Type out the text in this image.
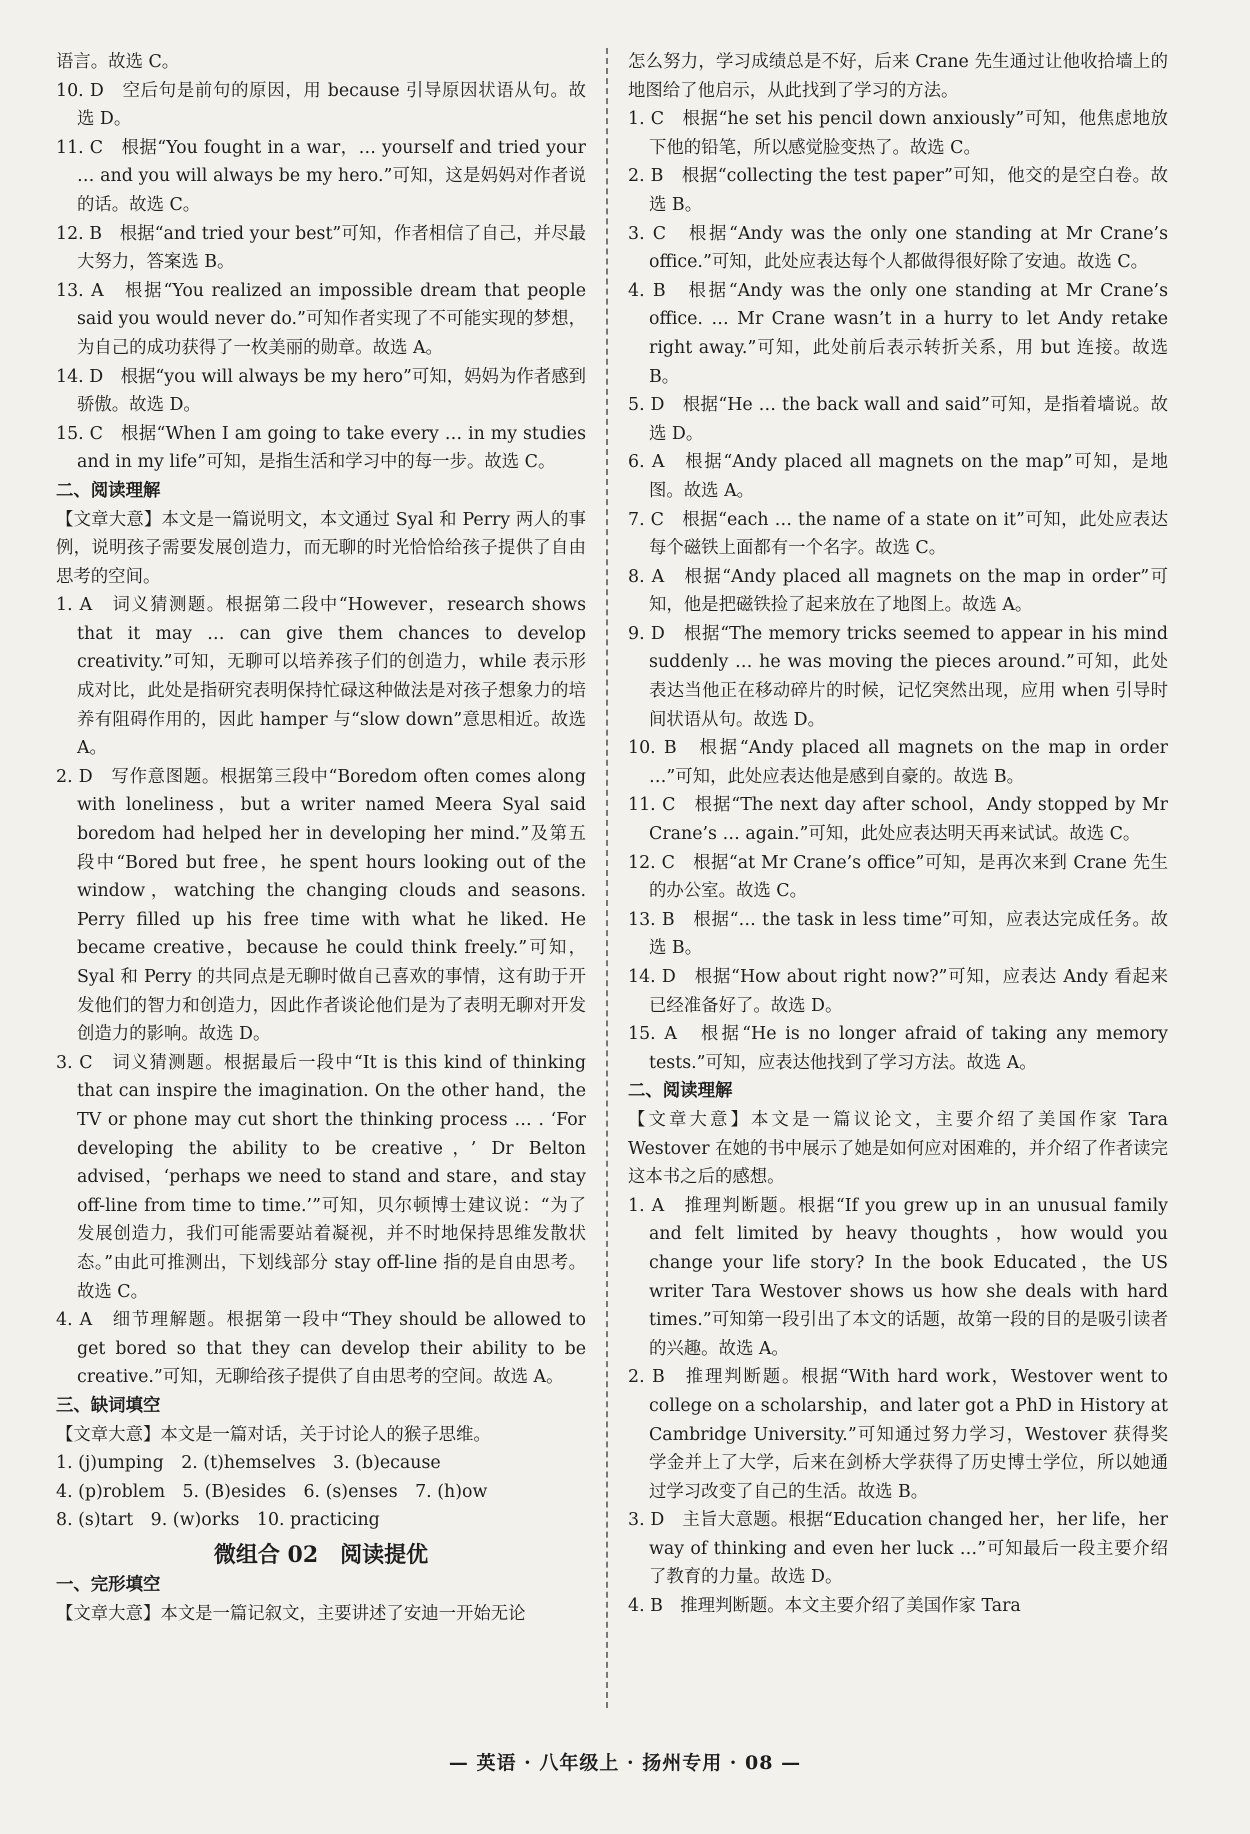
语言。故选 C。

10. D　空后句是前句的原因，用 because 引导原因状语从句。故选 D。

11. C　根据“You fought in a war，… yourself and tried your … and you will always be my hero.”可知，这是妈妈对作者说的话。故选 C。

12. B　根据“and tried your best”可知，作者相信了自己，并尽最大努力，答案选 B。

13. A　根据“You realized an impossible dream that people said you would never do.”可知作者实现了不可能实现的梦想，为自己的成功获得了一枚美丽的勋章。故选 A。

14. D　根据“you will always be my hero”可知，妈妈为作者感到骄傲。故选 D。

15. C　根据“When I am going to take every … in my studies and in my life”可知，是指生活和学习中的每一步。故选 C。

二、阅读理解

【文章大意】本文是一篇说明文，本文通过 Syal 和 Perry 两人的事例，说明孩子需要发展创造力，而无聊的时光恰恰给孩子提供了自由思考的空间。

1. A　词义猜测题。根据第二段中“However，research shows that it may … can give them chances to develop creativity.”可知，无聊可以培养孩子们的创造力，while 表示形成对比，此处是指研究表明保持忙碌这种做法是对孩子想象力的培养有阻碍作用的，因此 hamper 与“slow down”意思相近。故选 A。

2. D　写作意图题。根据第三段中“Boredom often comes along with loneliness，but a writer named Meera Syal said boredom had helped her in developing her mind.”及第五段中“Bored but free，he spent hours looking out of the window，watching the changing clouds and seasons. Perry filled up his free time with what he liked. He became creative，because he could think freely.”可知，Syal 和 Perry 的共同点是无聊时做自己喜欢的事情，这有助于开发他们的智力和创造力，因此作者谈论他们是为了表明无聊对开发创造力的影响。故选 D。

3. C　词义猜测题。根据最后一段中“It is this kind of thinking that can inspire the imagination. On the other hand，the TV or phone may cut short the thinking process … . ‘For developing the ability to be creative，’ Dr Belton advised，‘perhaps we need to stand and stare，and stay off-line from time to time.’”可知，贝尔顿博士建议说：“为了发展创造力，我们可能需要站着凝视，并不时地保持思维发散状态。”由此可推测出，下划线部分 stay off-line 指的是自由思考。故选 C。

4. A　细节理解题。根据第一段中“They should be allowed to get bored so that they can develop their ability to be creative.”可知，无聊给孩子提供了自由思考的空间。故选 A。

三、缺词填空

【文章大意】本文是一篇对话，关于讨论人的猴子思维。

1. (j)umping　2. (t)hemselves　3. (b)ecause

4. (p)roblem　5. (B)esides　6. (s)enses　7. (h)ow

8. (s)tart　9. (w)orks　10. practicing

微组合 02　阅读提优

一、完形填空

【文章大意】本文是一篇记叙文，主要讲述了安迪一开始无论

怎么努力，学习成绩总是不好，后来 Crane 先生通过让他收拾墙上的地图给了他启示，从此找到了学习的方法。

1. C　根据“he set his pencil down anxiously”可知，他焦虑地放下他的铅笔，所以感觉脸变热了。故选 C。

2. B　根据“collecting the test paper”可知，他交的是空白卷。故选 B。

3. C　根据“Andy was the only one standing at Mr Crane’s office.”可知，此处应表达每个人都做得很好除了安迪。故选 C。

4. B　根据“Andy was the only one standing at Mr Crane’s office. … Mr Crane wasn’t in a hurry to let Andy retake right away.”可知，此处前后表示转折关系，用 but 连接。故选 B。

5. D　根据“He … the back wall and said”可知，是指着墙说。故选 D。

6. A　根据“Andy placed all magnets on the map”可知，是地图。故选 A。

7. C　根据“each … the name of a state on it”可知，此处应表达每个磁铁上面都有一个名字。故选 C。

8. A　根据“Andy placed all magnets on the map in order”可知，他是把磁铁捡了起来放在了地图上。故选 A。

9. D　根据“The memory tricks seemed to appear in his mind suddenly … he was moving the pieces around.”可知，此处表达当他正在移动碎片的时候，记忆突然出现，应用 when 引导时间状语从句。故选 D。

10. B　根据“Andy placed all magnets on the map in order …”可知，此处应表达他是感到自豪的。故选 B。

11. C　根据“The next day after school，Andy stopped by Mr Crane’s … again.”可知，此处应表达明天再来试试。故选 C。

12. C　根据“at Mr Crane’s office”可知，是再次来到 Crane 先生的办公室。故选 C。

13. B　根据“… the task in less time”可知，应表达完成任务。故选 B。

14. D　根据“How about right now?”可知，应表达 Andy 看起来已经准备好了。故选 D。

15. A　根据“He is no longer afraid of taking any memory tests.”可知，应表达他找到了学习方法。故选 A。

二、阅读理解

【文章大意】本文是一篇议论文，主要介绍了美国作家 Tara Westover 在她的书中展示了她是如何应对困难的，并介绍了作者读完这本书之后的感想。

1. A　推理判断题。根据“If you grew up in an unusual family and felt limited by heavy thoughts，how would you change your life story? In the book Educated，the US writer Tara Westover shows us how she deals with hard times.”可知第一段引出了本文的话题，故第一段的目的是吸引读者的兴趣。故选 A。

2. B　推理判断题。根据“With hard work，Westover went to college on a scholarship，and later got a PhD in History at Cambridge University.”可知通过努力学习，Westover 获得奖学金并上了大学，后来在剑桥大学获得了历史博士学位，所以她通过学习改变了自己的生活。故选 B。

3. D　主旨大意题。根据“Education changed her，her life，her way of thinking and even her luck …”可知最后一段主要介绍了教育的力量。故选 D。

4. B　推理判断题。本文主要介绍了美国作家 Tara

— 英语 · 八年级上 · 扬州专用 · 08 —
